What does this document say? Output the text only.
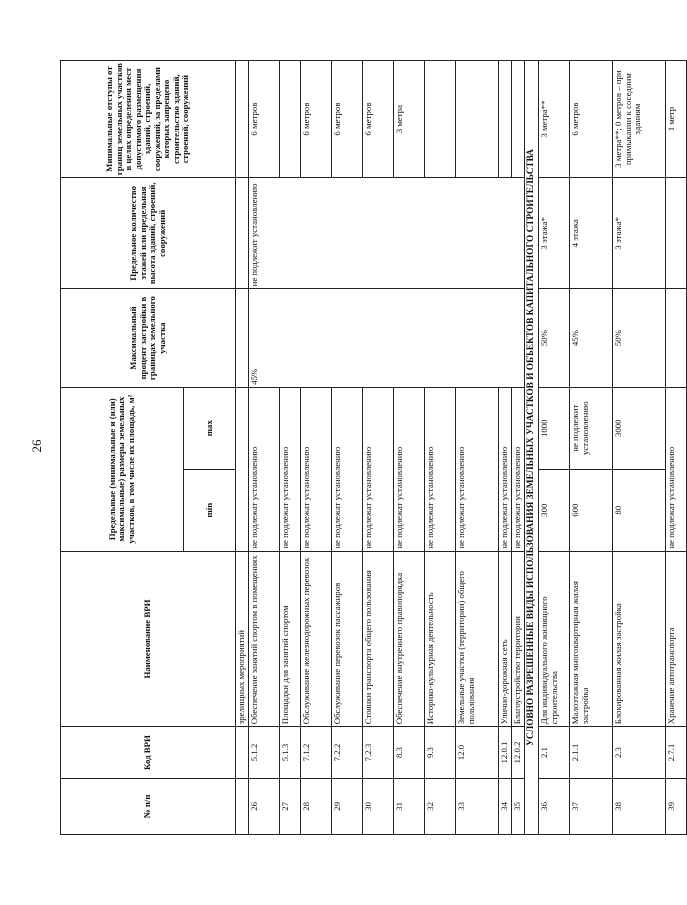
26
№ п/п	Код ВРИ	Наименование ВРИ	Предельные (минимальные и (или) максимальные) размеры земельных участков, в том числе их площадь, м²		Максимальный процент застройки в границах земельного участка	Предельное количество этажей или предельная высота зданий, строений, сооружений	Минимальные отступы от границ земельных участков в целях определения мест допустимого размещения зданий, строений, сооружений, за пределами которых запрещено строительство зданий, строений, сооружений
			min	max			
		зрелищных мероприятий					
26	5.1.2	Обеспечение занятий спортом в помещениях	не подлежат установлению		45%	не подлежит установлению	6 метров
27	5.1.3	Площадки для занятий спортом	не подлежат установлению				
28	7.1.2	Обслуживание железнодорожных перевозок	не подлежат установлению				6 метров
29	7.2.2	Обслуживание перевозок пассажиров	не подлежат установлению				6 метров
30	7.2.3	Стоянки транспорта общего пользования	не подлежат установлению				6 метров
31	8.3	Обеспечение внутреннего правопорядка	не подлежат установлению				3 метра
32	9.3	Историко-культурная деятельность	не подлежат установлению				
33	12.0	Земельные участки (территории) общего пользования	не подлежат установлению				
34	12.0.1	Улично-дорожная сеть	не подлежат установлению				
35	12.0.2	Благоустройство территории	не подлежат установлению				
УСЛОВНО РАЗРЕШЕННЫЕ ВИДЫ ИСПОЛЬЗОВАНИЯ ЗЕМЕЛЬНЫХ УЧАСТКОВ И ОБЪЕКТОВ КАПИТАЛЬНОГО СТРОИТЕЛЬСТВА							
36	2.1	Для индивидуального жилищного строительства	300	1000	50%	3 этажа*	3 метра**
37	2.1.1	Малоэтажная многоквартирная жилая застройка	600	не подлежит установлению	45%	4 этажа	6 метров
38	2.3	Блокированная жилая застройка	80	3000	50%	3 этажа*	3 метра**; 0 метров – при примыкании к соседним зданиям
39	2.7.1	Хранение автотранспорта	не подлежат установлению				1 метр
